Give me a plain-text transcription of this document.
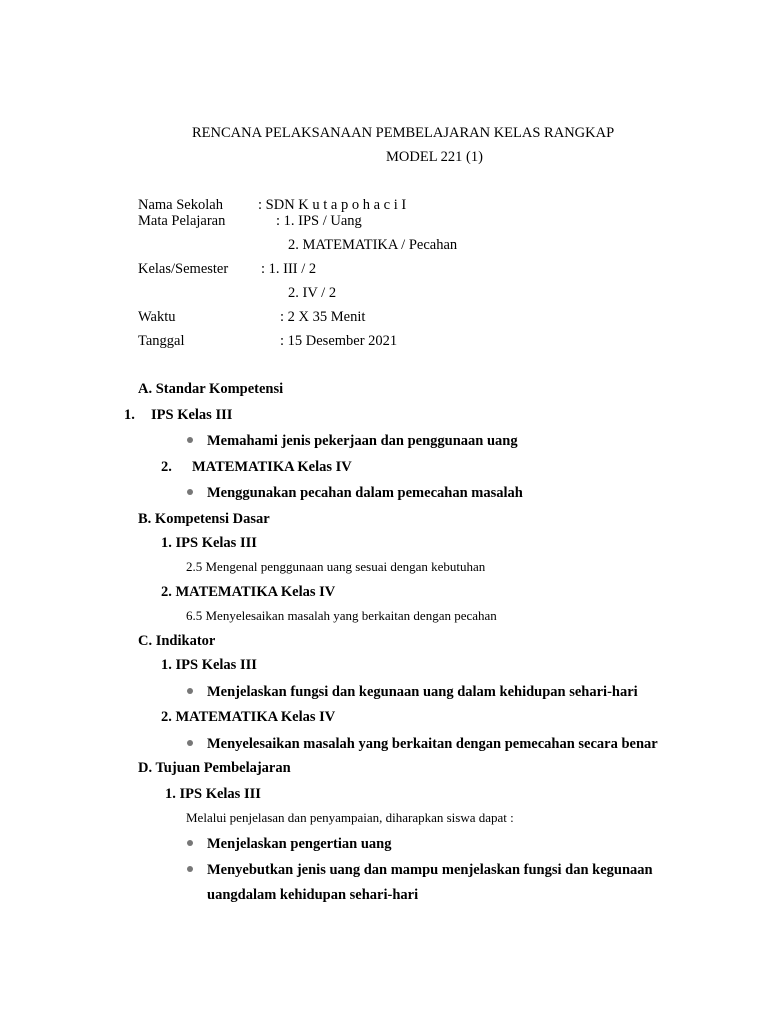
RENCANA PELAKSANAAN PEMBELAJARAN KELAS RANGKAP
MODEL 221 (1)
Nama Sekolah : SDN K u t a p o h a c i I
Mata Pelajaran	: 1. IPS / Uang
2. MATEMATIKA / Pecahan
Kelas/Semester : 1. III / 2
2. IV / 2
Waktu	: 2 X 35 Menit
Tanggal	: 15 Desember 2021
A. Standar Kompetensi
1. IPS Kelas III
Memahami jenis pekerjaan dan penggunaan uang
2. MATEMATIKA Kelas IV
Menggunakan pecahan dalam pemecahan masalah
B. Kompetensi Dasar
1. IPS Kelas III
2.5 Mengenal penggunaan uang sesuai dengan kebutuhan
2. MATEMATIKA Kelas IV
6.5 Menyelesaikan masalah yang berkaitan dengan pecahan
C. Indikator
1. IPS Kelas III
Menjelaskan fungsi dan kegunaan uang dalam kehidupan sehari-hari
2. MATEMATIKA Kelas IV
Menyelesaikan masalah yang berkaitan dengan pemecahan secara benar
D. Tujuan Pembelajaran
1. IPS Kelas III
Melalui penjelasan dan penyampaian, diharapkan siswa dapat :
Menjelaskan pengertian uang
Menyebutkan jenis uang dan mampu menjelaskan fungsi dan kegunaan
uangdalam kehidupan sehari-hari
